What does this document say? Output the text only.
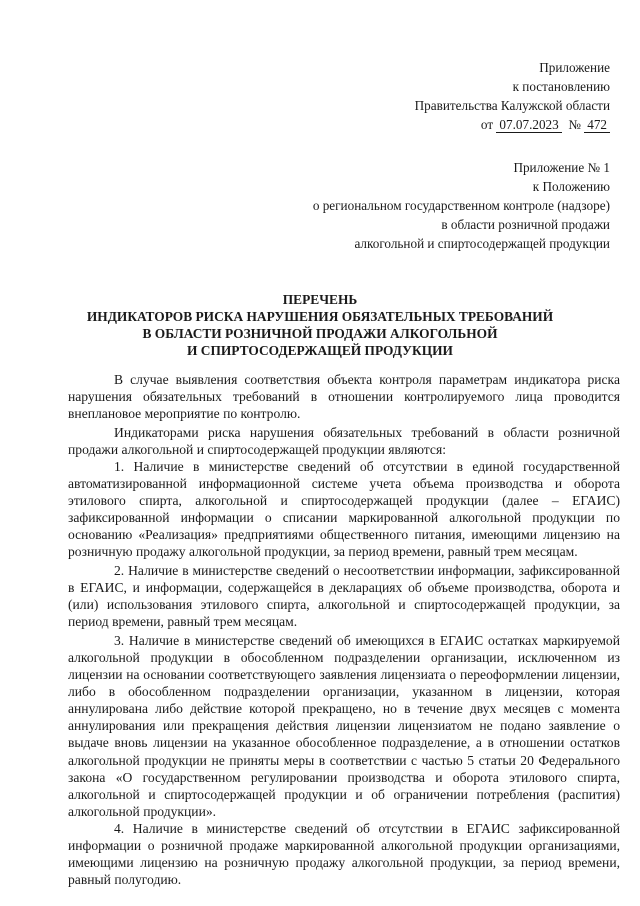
Приложение
к постановлению
Правительства Калужской области
от 07.07.2023 № 472
Приложение № 1
к Положению
о региональном государственном контроле (надзоре)
в области розничной продажи
алкогольной и спиртосодержащей продукции
ПЕРЕЧЕНЬ
ИНДИКАТОРОВ РИСКА НАРУШЕНИЯ ОБЯЗАТЕЛЬНЫХ ТРЕБОВАНИЙ
В ОБЛАСТИ РОЗНИЧНОЙ ПРОДАЖИ АЛКОГОЛЬНОЙ
И СПИРТОСОДЕРЖАЩЕЙ ПРОДУКЦИИ

В случае выявления соответствия объекта контроля параметрам индикатора риска нарушения обязательных требований в отношении контролируемого лица проводится внеплановое мероприятие по контролю.

Индикаторами риска нарушения обязательных требований в области розничной продажи алкогольной и спиртосодержащей продукции являются:

1. Наличие в министерстве сведений об отсутствии в единой государственной автоматизированной информационной системе учета объема производства и оборота этилового спирта, алкогольной и спиртосодержащей продукции (далее – ЕГАИС) зафиксированной информации о списании маркированной алкогольной продукции по основанию «Реализация» предприятиями общественного питания, имеющими лицензию на розничную продажу алкогольной продукции, за период времени, равный трем месяцам.

2. Наличие в министерстве сведений о несоответствии информации, зафиксированной в ЕГАИС, и информации, содержащейся в декларациях об объеме производства, оборота и (или) использования этилового спирта, алкогольной и спиртосодержащей продукции, за период времени, равный трем месяцам.

3. Наличие в министерстве сведений об имеющихся в ЕГАИС остатках маркируемой алкогольной продукции в обособленном подразделении организации, исключенном из лицензии на основании соответствующего заявления лицензиата о переоформлении лицензии, либо в обособленном подразделении организации, указанном в лицензии, которая аннулирована либо действие которой прекращено, но в течение двух месяцев с момента аннулирования или прекращения действия лицензии лицензиатом не подано заявление о выдаче вновь лицензии на указанное обособленное подразделение, а в отношении остатков алкогольной продукции не приняты меры в соответствии с частью 5 статьи 20 Федерального закона «О государственном регулировании производства и оборота этилового спирта, алкогольной и спиртосодержащей продукции и об ограничении потребления (распития) алкогольной продукции».

4. Наличие в министерстве сведений об отсутствии в ЕГАИС зафиксированной информации о розничной продаже маркированной алкогольной продукции организациями, имеющими лицензию на розничную продажу алкогольной продукции, за период времени, равный полугодию.
